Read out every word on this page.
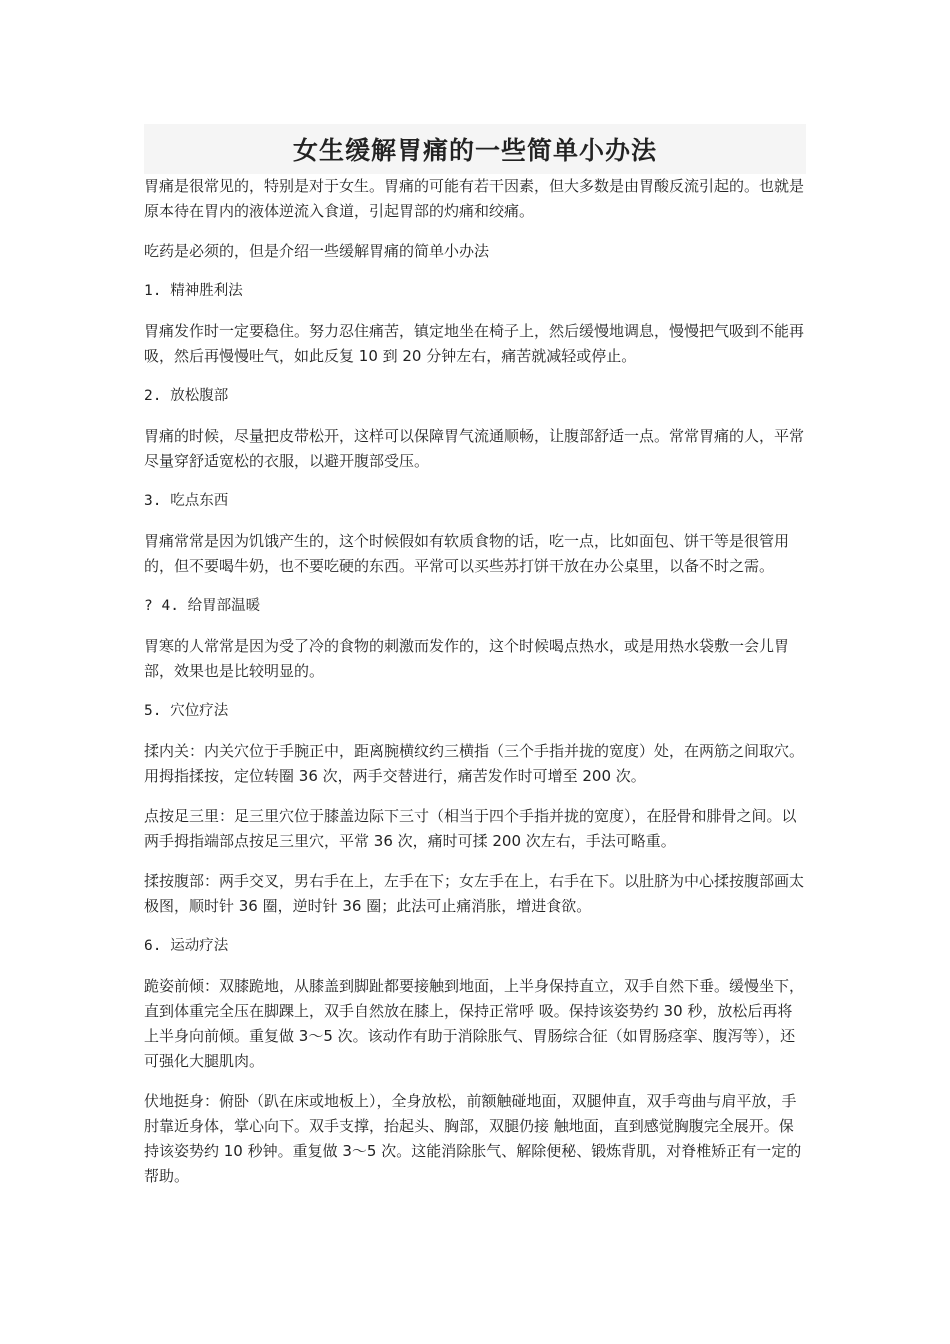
女生缓解胃痛的一些简单小办法

胃痛是很常见的，特别是对于女生。胃痛的可能有若干因素，但大多数是由胃酸反流引起的。也就是原本待在胃内的液体逆流入食道，引起胃部的灼痛和绞痛。

吃药是必须的，但是介绍一些缓解胃痛的简单小办法

1. 精神胜利法

胃痛发作时一定要稳住。努力忍住痛苦，镇定地坐在椅子上，然后缓慢地调息，慢慢把气吸到不能再吸，然后再慢慢吐气，如此反复 10 到 20 分钟左右，痛苦就减轻或停止。

2. 放松腹部

胃痛的时候，尽量把皮带松开，这样可以保障胃气流通顺畅，让腹部舒适一点。常常胃痛的人，平常尽量穿舒适宽松的衣服，以避开腹部受压。

3. 吃点东西

胃痛常常是因为饥饿产生的，这个时候假如有软质食物的话，吃一点，比如面包、饼干等是很管用的，但不要喝牛奶，也不要吃硬的东西。平常可以买些苏打饼干放在办公桌里，以备不时之需。

? 4. 给胃部温暖

胃寒的人常常是因为受了冷的食物的刺激而发作的，这个时候喝点热水，或是用热水袋敷一会儿胃部，效果也是比较明显的。

5. 穴位疗法

揉内关：内关穴位于手腕正中，距离腕横纹约三横指（三个手指并拢的宽度）处，在两筋之间取穴。用拇指揉按，定位转圈 36 次，两手交替进行，痛苦发作时可增至 200 次。

点按足三里：足三里穴位于膝盖边际下三寸（相当于四个手指并拢的宽度），在胫骨和腓骨之间。以两手拇指端部点按足三里穴，平常 36 次，痛时可揉 200 次左右，手法可略重。

揉按腹部：两手交叉，男右手在上，左手在下；女左手在上，右手在下。以肚脐为中心揉按腹部画太极图，顺时针 36 圈，逆时针 36 圈；此法可止痛消胀，增进食欲。

6. 运动疗法

跪姿前倾：双膝跪地，从膝盖到脚趾都要接触到地面，上半身保持直立，双手自然下垂。缓慢坐下，直到体重完全压在脚踝上，双手自然放在膝上，保持正常呼 吸。保持该姿势约 30 秒，放松后再将上半身向前倾。重复做 3～5 次。该动作有助于消除胀气、胃肠综合征（如胃肠痉挛、腹泻等），还可强化大腿肌肉。

伏地挺身：俯卧（趴在床或地板上），全身放松，前额触碰地面，双腿伸直，双手弯曲与肩平放，手肘靠近身体，掌心向下。双手支撑，抬起头、胸部，双腿仍接 触地面，直到感觉胸腹完全展开。保持该姿势约 10 秒钟。重复做 3～5 次。这能消除胀气、解除便秘、锻炼背肌，对脊椎矫正有一定的帮助。
